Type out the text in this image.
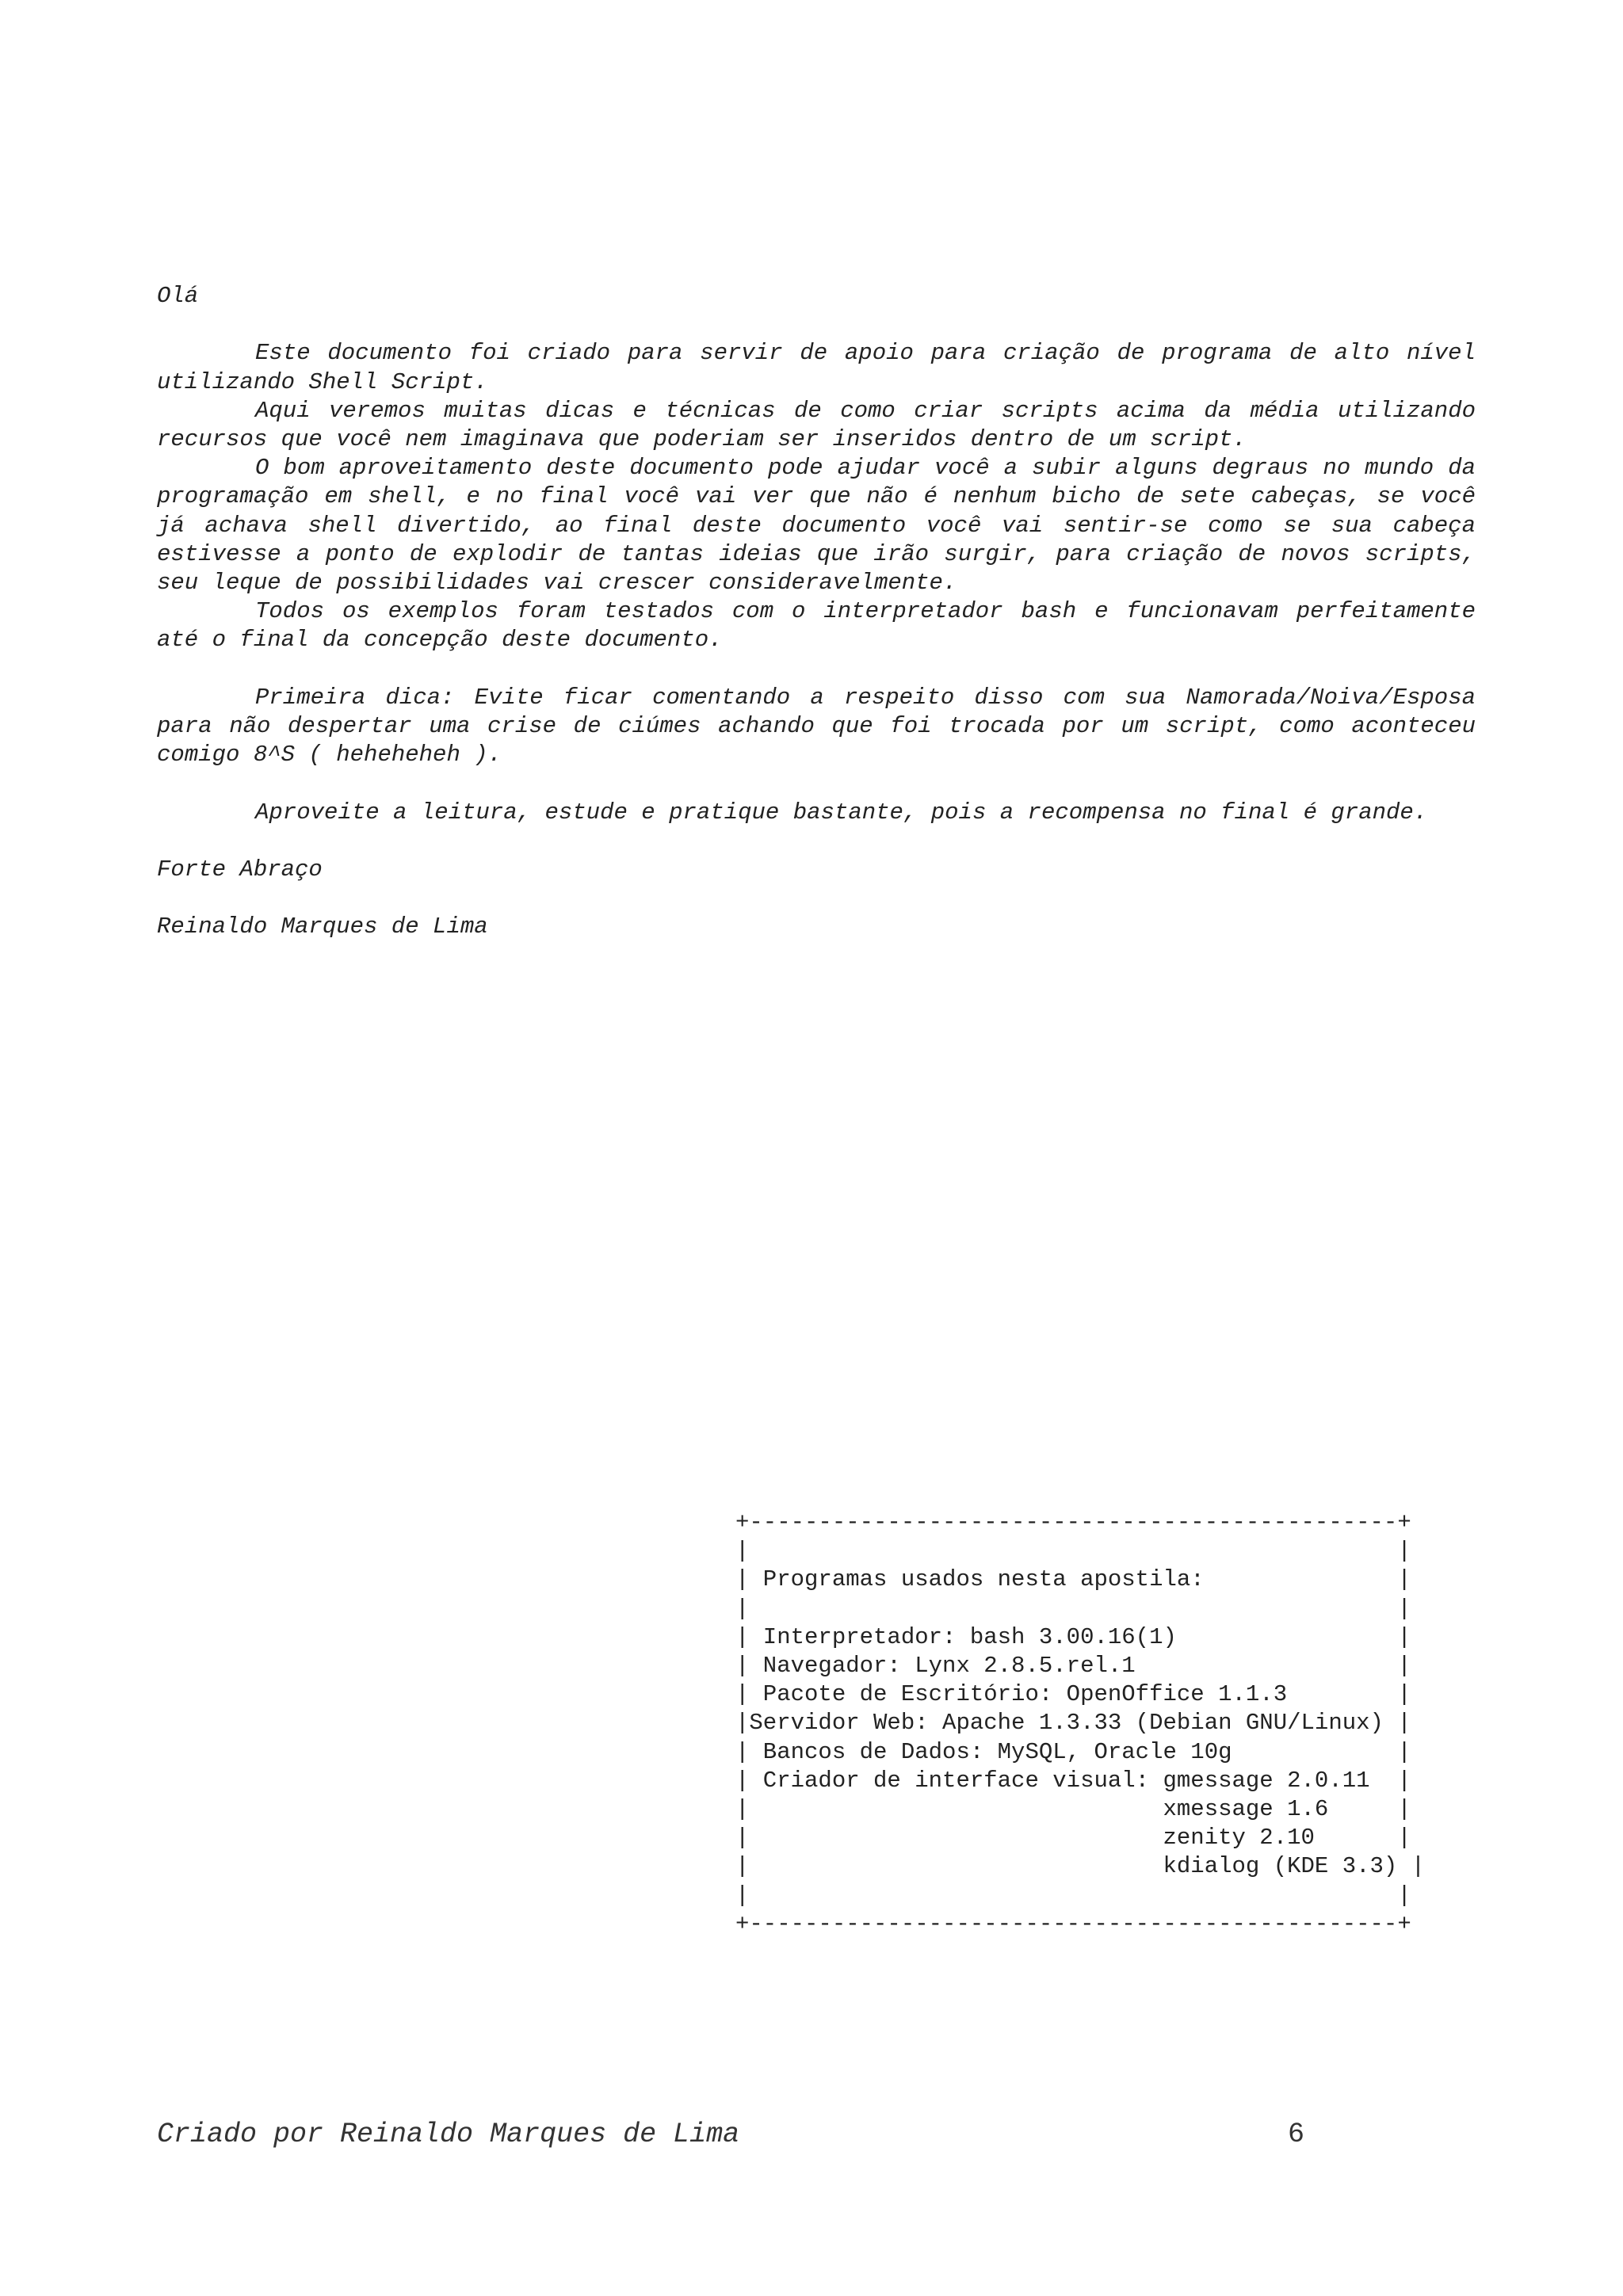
Olá

Este documento foi criado para servir de apoio para criação de programa de alto nível utilizando Shell Script.

Aqui veremos muitas dicas e técnicas de como criar scripts acima da média utilizando recursos que você nem imaginava que poderiam ser inseridos dentro de um script.

O bom aproveitamento deste documento pode ajudar você a subir alguns degraus no mundo da programação em shell, e no final você vai ver que não é nenhum bicho de sete cabeças, se você já achava shell divertido, ao final deste documento você vai sentir-se como se sua cabeça estivesse a ponto de explodir de tantas ideias que irão surgir, para criação de novos scripts, seu leque de possibilidades vai crescer consideravelmente.

Todos os exemplos foram testados com o interpretador bash e funcionavam perfeitamente até o final da concepção deste documento.

Primeira dica: Evite ficar comentando a respeito disso com sua Namorada/Noiva/Esposa para não despertar uma crise de ciúmes achando que foi trocada por um script, como aconteceu comigo 8^S ( heheheheh ).

Aproveite a leitura, estude e pratique bastante, pois a recompensa no final é grande.

Forte Abraço

Reinaldo Marques de Lima

+-----------------------------------------------+
|                                               |
| Programas usados nesta apostila:              |
|                                               |
| Interpretador: bash 3.00.16(1)                |
| Navegador: Lynx 2.8.5.rel.1                   |
| Pacote de Escritório: OpenOffice 1.1.3        |
|Servidor Web: Apache 1.3.33 (Debian GNU/Linux) |
| Bancos de Dados: MySQL, Oracle 10g            |
| Criador de interface visual: gmessage 2.0.11  |
|                              xmessage 1.6     |
|                              zenity 2.10      |
|                              kdialog (KDE 3.3) |
|                                               |
+-----------------------------------------------+
Criado por Reinaldo Marques de Lima	6
